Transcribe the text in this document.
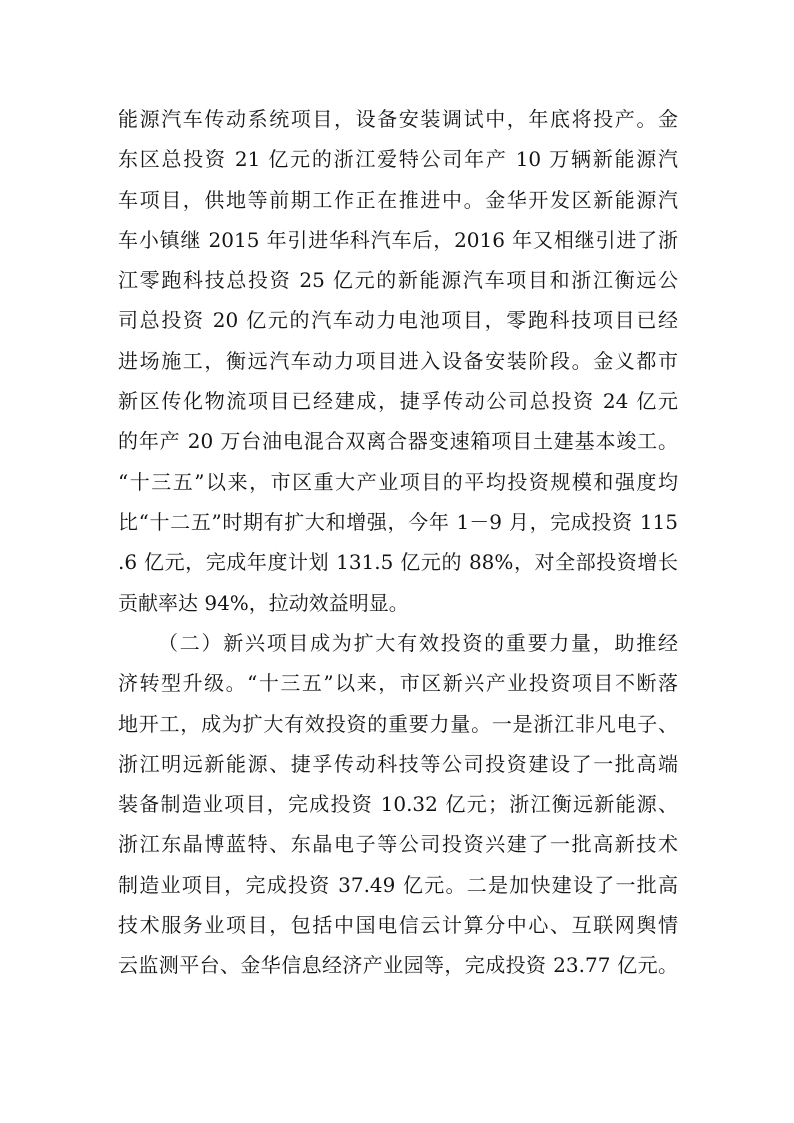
能源汽车传动系统项目，设备安装调试中，年底将投产。金
东区总投资 21 亿元的浙江爱特公司年产 10 万辆新能源汽
车项目，供地等前期工作正在推进中。金华开发区新能源汽
车小镇继 2015 年引进华科汽车后，2016 年又相继引进了浙
江零跑科技总投资 25 亿元的新能源汽车项目和浙江衡远公
司总投资 20 亿元的汽车动力电池项目，零跑科技项目已经
进场施工，衡远汽车动力项目进入设备安装阶段。金义都市
新区传化物流项目已经建成，捷孚传动公司总投资 24 亿元
的年产 20 万台油电混合双离合器变速箱项目土建基本竣工。
“十三五”以来，市区重大产业项目的平均投资规模和强度均
比“十二五”时期有扩大和增强，今年 1－9 月，完成投资 115
.6 亿元，完成年度计划 131.5 亿元的 88%，对全部投资增长
贡献率达 94%，拉动效益明显。
（二）新兴项目成为扩大有效投资的重要力量，助推经
济转型升级。“十三五”以来，市区新兴产业投资项目不断落
地开工，成为扩大有效投资的重要力量。一是浙江非凡电子、
浙江明远新能源、捷孚传动科技等公司投资建设了一批高端
装备制造业项目，完成投资 10.32 亿元；浙江衡远新能源、
浙江东晶博蓝特、东晶电子等公司投资兴建了一批高新技术
制造业项目，完成投资 37.49 亿元。二是加快建设了一批高
技术服务业项目，包括中国电信云计算分中心、互联网舆情
云监测平台、金华信息经济产业园等，完成投资 23.77 亿元。
